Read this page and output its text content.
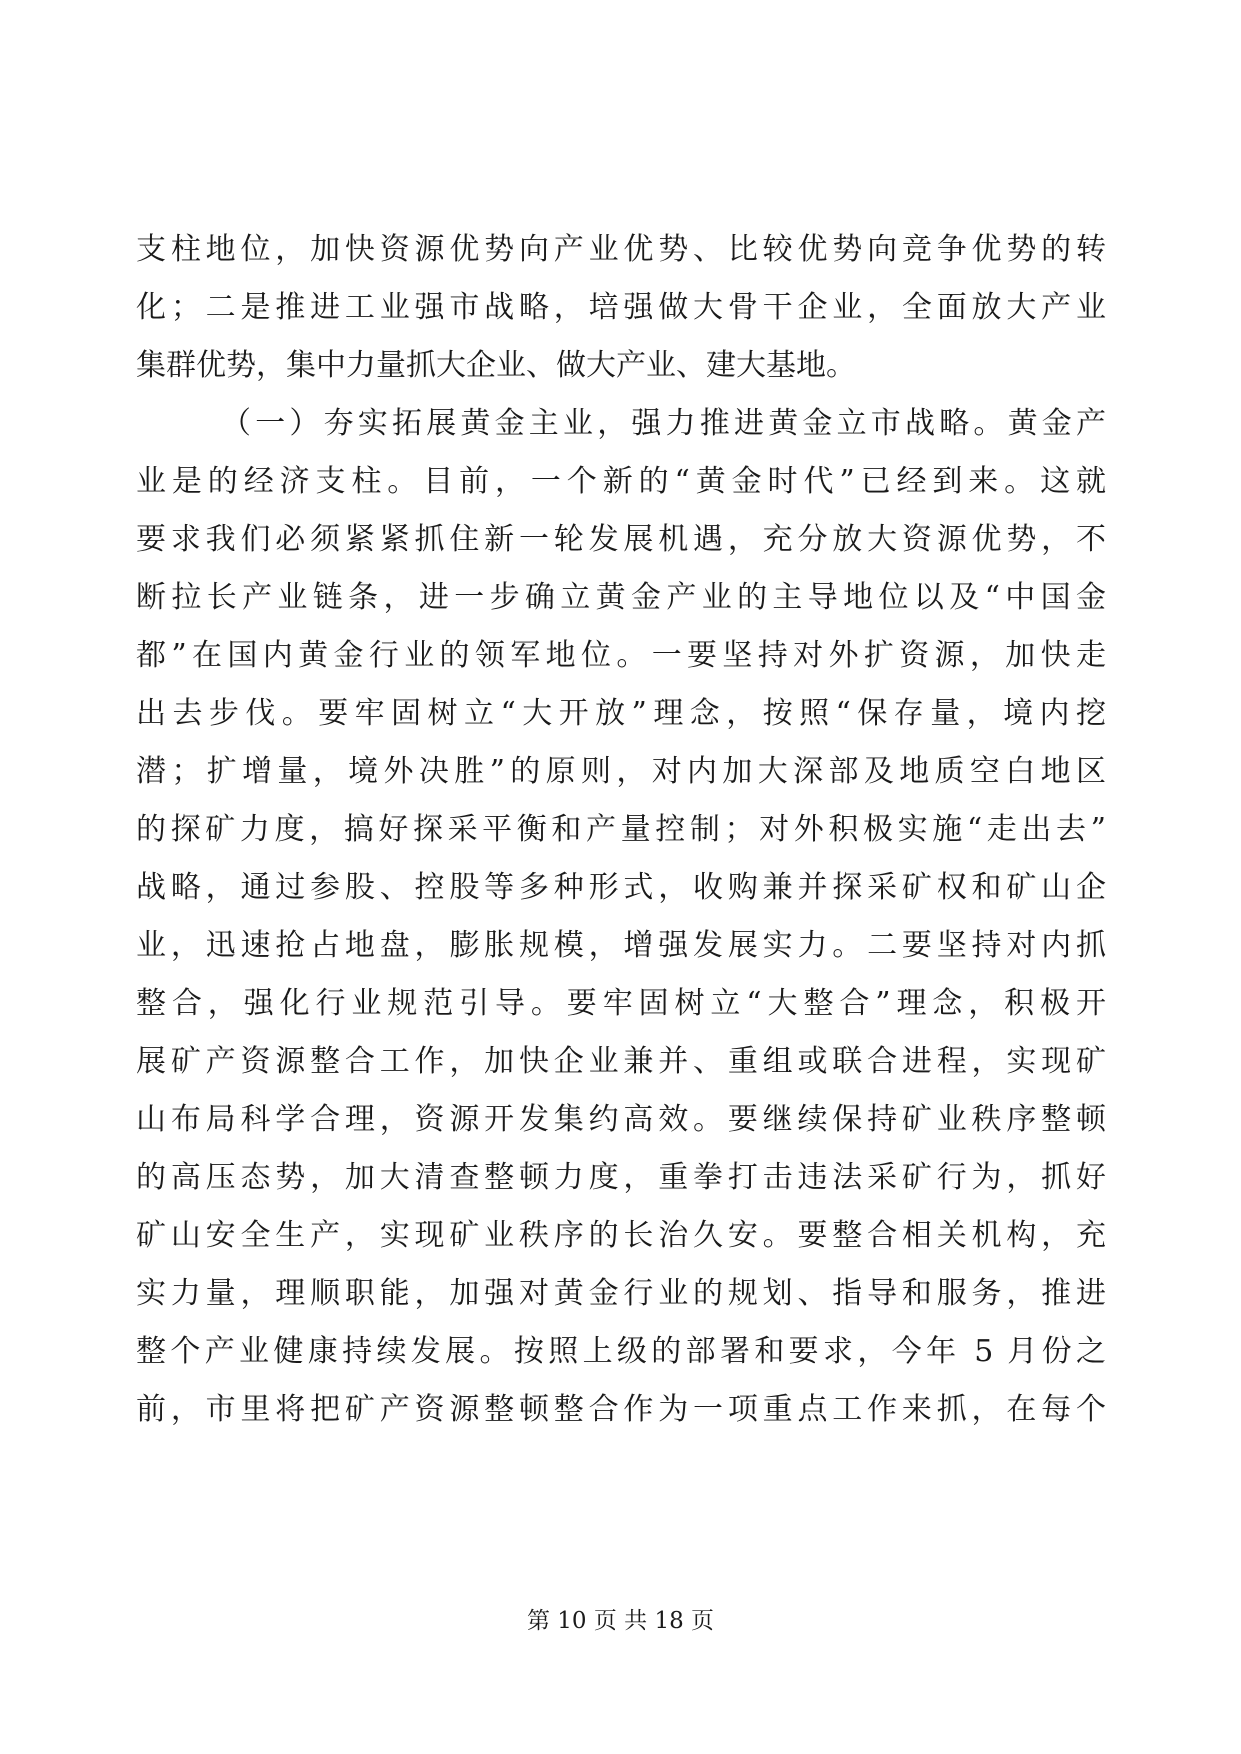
支柱地位，加快资源优势向产业优势、比较优势向竞争优势的转
化；二是推进工业强市战略，培强做大骨干企业，全面放大产业
集群优势，集中力量抓大企业、做大产业、建大基地。
（一）夯实拓展黄金主业，强力推进黄金立市战略。黄金产
业是的经济支柱。目前，一个新的“黄金时代”已经到来。这就
要求我们必须紧紧抓住新一轮发展机遇，充分放大资源优势，不
断拉长产业链条，进一步确立黄金产业的主导地位以及“中国金
都”在国内黄金行业的领军地位。一要坚持对外扩资源，加快走
出去步伐。要牢固树立“大开放”理念，按照“保存量，境内挖
潜；扩增量，境外决胜”的原则，对内加大深部及地质空白地区
的探矿力度，搞好探采平衡和产量控制；对外积极实施“走出去”
战略，通过参股、控股等多种形式，收购兼并探采矿权和矿山企
业，迅速抢占地盘，膨胀规模，增强发展实力。二要坚持对内抓
整合，强化行业规范引导。要牢固树立“大整合”理念，积极开
展矿产资源整合工作，加快企业兼并、重组或联合进程，实现矿
山布局科学合理，资源开发集约高效。要继续保持矿业秩序整顿
的高压态势，加大清查整顿力度，重拳打击违法采矿行为，抓好
矿山安全生产，实现矿业秩序的长治久安。要整合相关机构，充
实力量，理顺职能，加强对黄金行业的规划、指导和服务，推进
整个产业健康持续发展。按照上级的部署和要求，今年 5 月份之
前，市里将把矿产资源整顿整合作为一项重点工作来抓，在每个
第 10 页 共 18 页
